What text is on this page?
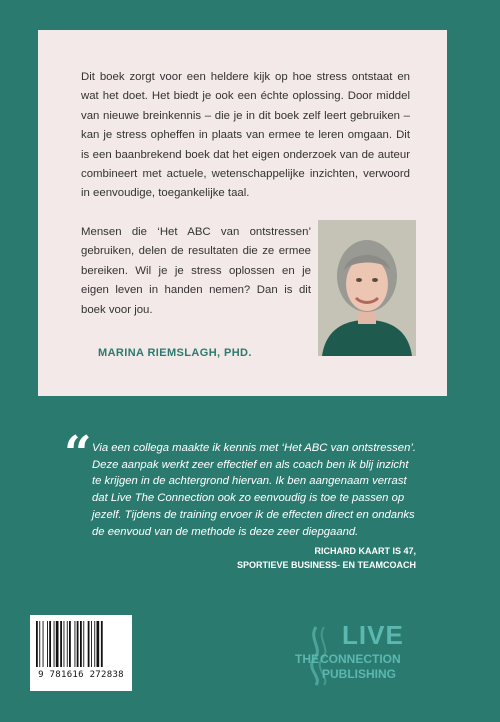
Dit boek zorgt voor een heldere kijk op hoe stress ontstaat en wat het doet. Het biedt je ook een échte oplossing. Door middel van nieuwe breinkennis – die je in dit boek zelf leert gebruiken – kan je stress opheffen in plaats van ermee te leren omgaan. Dit is een baanbrekend boek dat het eigen onderzoek van de auteur combineert met actuele, wetenschappelijke inzichten, verwoord in eenvoudige, toegankelijke taal.

Mensen die ‘Het ABC van ontstressen’ gebruiken, delen de resultaten die ze ermee bereiken. Wil je je stress oplossen en je eigen leven in handen nemen? Dan is dit boek voor jou.

MARINA RIEMSLAGH, PHD.
“ Via een collega maakte ik kennis met ‘Het ABC van ontstressen’. Deze aanpak werkt zeer effectief en als coach ben ik blij inzicht te krijgen in de achtergrond hiervan. Ik ben aangenaam verrast dat Live The Connection ook zo eenvoudig is toe te passen op jezelf. Tijdens de training ervoer ik de effecten direct en ondanks de eenvoud van de methode is deze zeer diepgaand.

RICHARD KAART IS 47,
SPORTIEVE BUSINESS- EN TEAMCOACH
9 781616 272838
LIVE
THE CONNECTION
PUBLISHING
